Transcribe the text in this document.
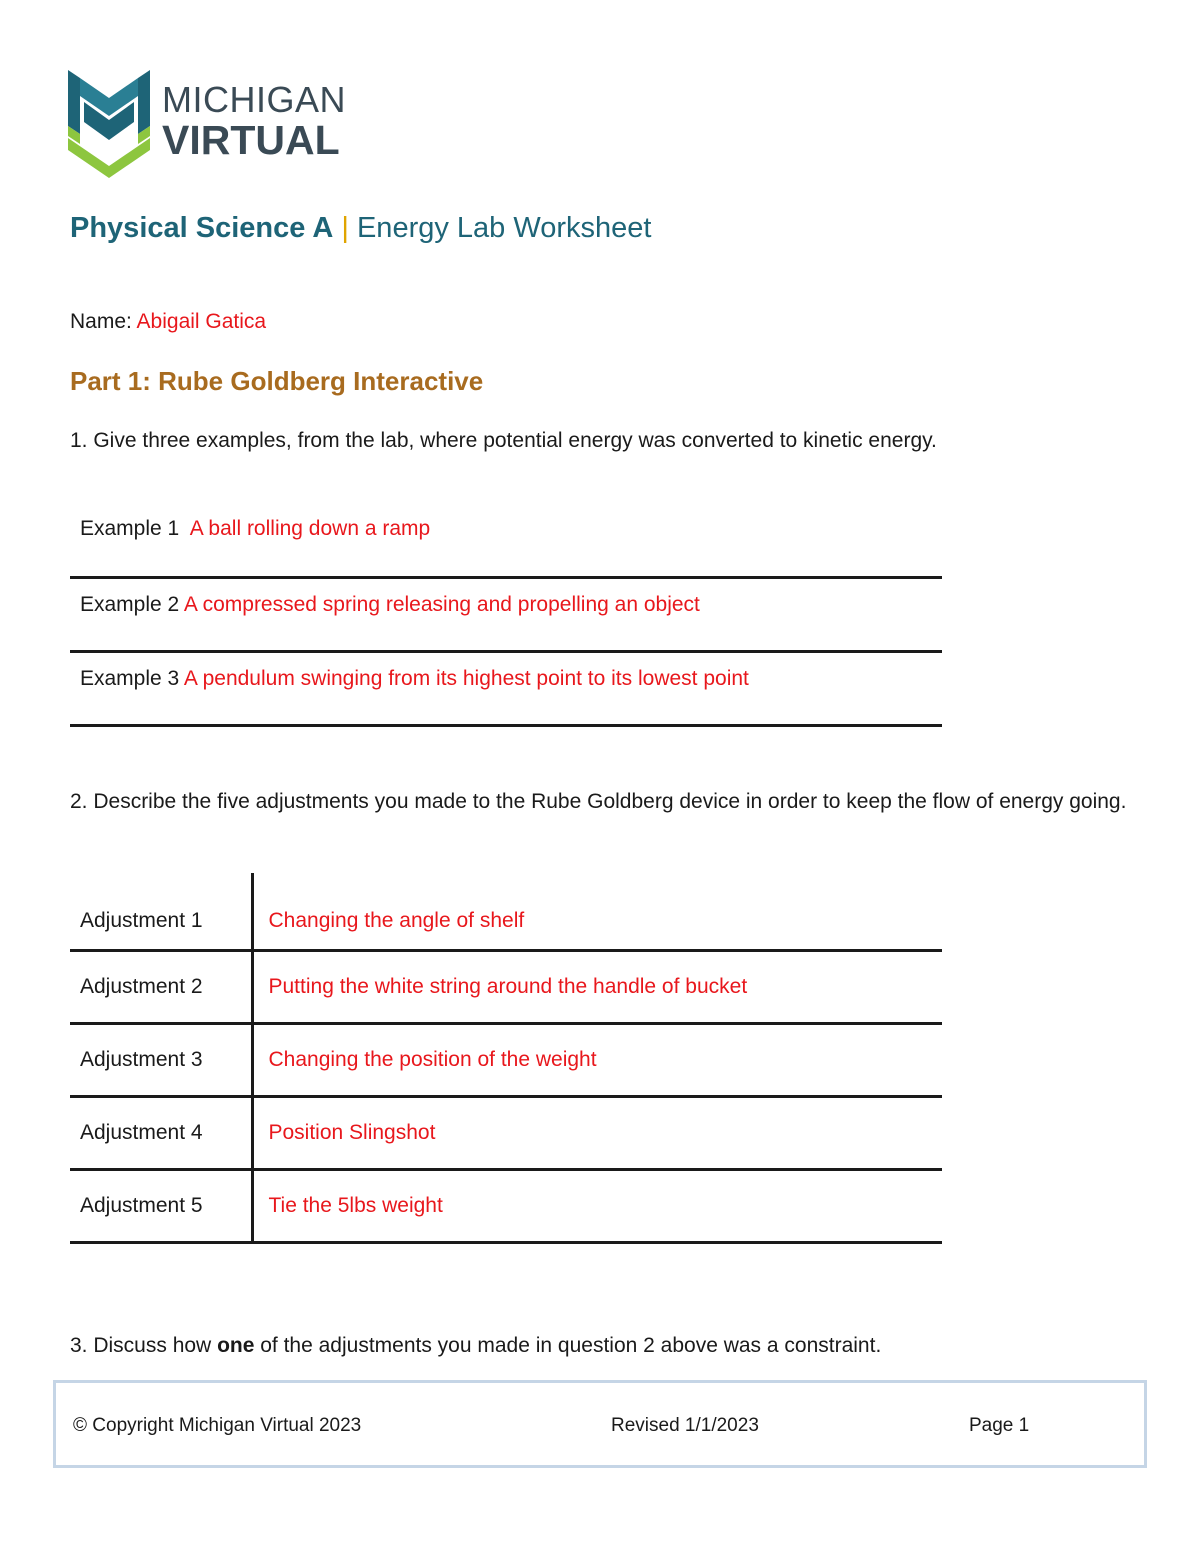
MICHIGAN
VIRTUAL
Physical Science A | Energy Lab Worksheet
Name: Abigail Gatica
Part 1: Rube Goldberg Interactive
1. Give three examples, from the lab, where potential energy was converted to kinetic energy.
Example 1 A ball rolling down a ramp
Example 2 A compressed spring releasing and propelling an object
Example 3 A pendulum swinging from its highest point to its lowest point
2. Describe the five adjustments you made to the Rube Goldberg device in order to keep the flow of energy going.
Adjustment 1	Changing the angle of shelf
Adjustment 2	Putting the white string around the handle of bucket
Adjustment 3	Changing the position of the weight
Adjustment 4	Position Slingshot
Adjustment 5	Tie the 5lbs weight
3. Discuss how one of the adjustments you made in question 2 above was a constraint.
© Copyright Michigan Virtual 2023	Revised 1/1/2023	Page 1
